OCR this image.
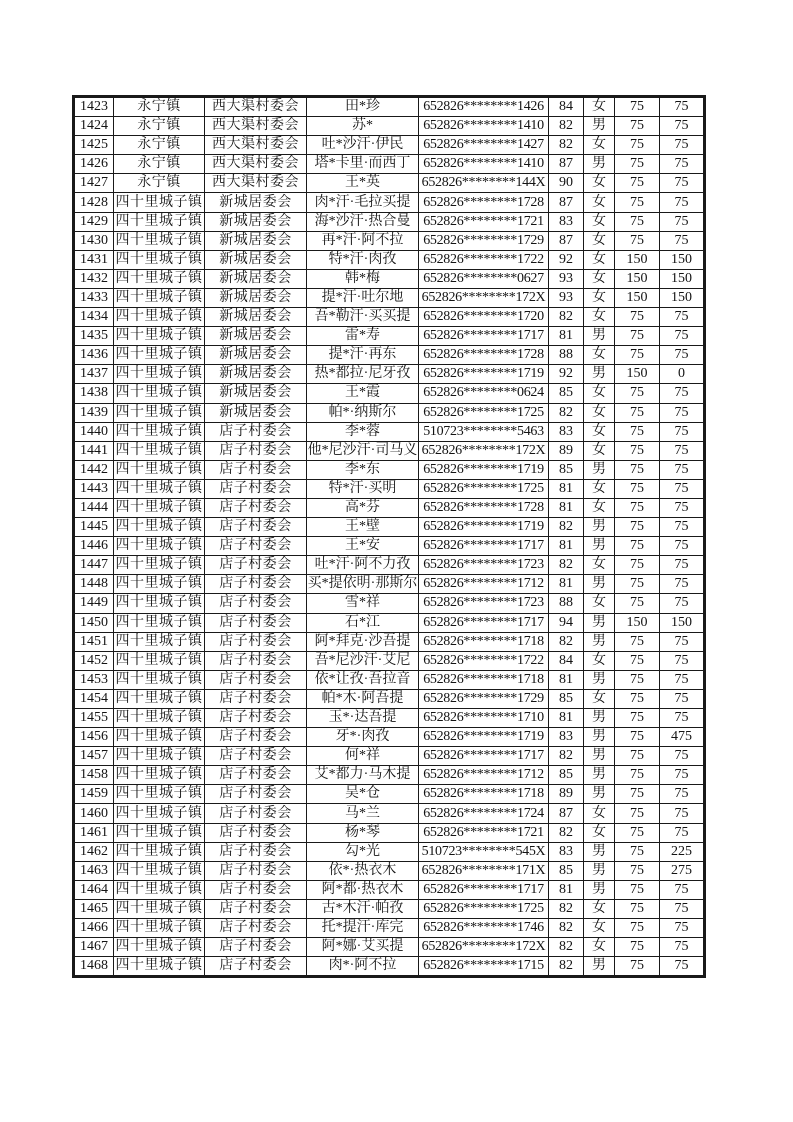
1423	永宁镇	西大渠村委会	田*珍	652826********1426	84	女	75	75
1424	永宁镇	西大渠村委会	苏*	652826********1410	82	男	75	75
1425	永宁镇	西大渠村委会	吐*沙汗·伊民	652826********1427	82	女	75	75
1426	永宁镇	西大渠村委会	塔*卡里·而西丁	652826********1410	87	男	75	75
1427	永宁镇	西大渠村委会	王*英	652826********144X	90	女	75	75
1428	四十里城子镇	新城居委会	肉*汗·毛拉买提	652826********1728	87	女	75	75
1429	四十里城子镇	新城居委会	海*沙汗·热合曼	652826********1721	83	女	75	75
1430	四十里城子镇	新城居委会	再*汗·阿不拉	652826********1729	87	女	75	75
1431	四十里城子镇	新城居委会	特*汗·肉孜	652826********1722	92	女	150	150
1432	四十里城子镇	新城居委会	韩*梅	652826********0627	93	女	150	150
1433	四十里城子镇	新城居委会	提*汗·吐尔地	652826********172X	93	女	150	150
1434	四十里城子镇	新城居委会	吾*勒汗·买买提	652826********1720	82	女	75	75
1435	四十里城子镇	新城居委会	雷*寿	652826********1717	81	男	75	75
1436	四十里城子镇	新城居委会	提*汗·再东	652826********1728	88	女	75	75
1437	四十里城子镇	新城居委会	热*都拉·尼牙孜	652826********1719	92	男	150	0
1438	四十里城子镇	新城居委会	王*霞	652826********0624	85	女	75	75
1439	四十里城子镇	新城居委会	帕*·纳斯尔	652826********1725	82	女	75	75
1440	四十里城子镇	店子村委会	李*蓉	510723********5463	83	女	75	75
1441	四十里城子镇	店子村委会	他*尼沙汗·司马义	652826********172X	89	女	75	75
1442	四十里城子镇	店子村委会	李*东	652826********1719	85	男	75	75
1443	四十里城子镇	店子村委会	特*汗·买明	652826********1725	81	女	75	75
1444	四十里城子镇	店子村委会	高*芬	652826********1728	81	女	75	75
1445	四十里城子镇	店子村委会	王*壁	652826********1719	82	男	75	75
1446	四十里城子镇	店子村委会	王*安	652826********1717	81	男	75	75
1447	四十里城子镇	店子村委会	吐*汗·阿不力孜	652826********1723	82	女	75	75
1448	四十里城子镇	店子村委会	买*提依明·那斯尔	652826********1712	81	男	75	75
1449	四十里城子镇	店子村委会	雪*祥	652826********1723	88	女	75	75
1450	四十里城子镇	店子村委会	石*江	652826********1717	94	男	150	150
1451	四十里城子镇	店子村委会	阿*拜克·沙吾提	652826********1718	82	男	75	75
1452	四十里城子镇	店子村委会	吾*尼沙汗·艾尼	652826********1722	84	女	75	75
1453	四十里城子镇	店子村委会	依*让孜·吾拉音	652826********1718	81	男	75	75
1454	四十里城子镇	店子村委会	帕*木·阿吾提	652826********1729	85	女	75	75
1455	四十里城子镇	店子村委会	玉*·达吾提	652826********1710	81	男	75	75
1456	四十里城子镇	店子村委会	牙*·肉孜	652826********1719	83	男	75	475
1457	四十里城子镇	店子村委会	何*祥	652826********1717	82	男	75	75
1458	四十里城子镇	店子村委会	艾*都力·马木提	652826********1712	85	男	75	75
1459	四十里城子镇	店子村委会	吴*仓	652826********1718	89	男	75	75
1460	四十里城子镇	店子村委会	马*兰	652826********1724	87	女	75	75
1461	四十里城子镇	店子村委会	杨*琴	652826********1721	82	女	75	75
1462	四十里城子镇	店子村委会	勾*光	510723********545X	83	男	75	225
1463	四十里城子镇	店子村委会	依*·热衣木	652826********171X	85	男	75	275
1464	四十里城子镇	店子村委会	阿*都·热衣木	652826********1717	81	男	75	75
1465	四十里城子镇	店子村委会	古*木汗·帕孜	652826********1725	82	女	75	75
1466	四十里城子镇	店子村委会	托*提汗·库完	652826********1746	82	女	75	75
1467	四十里城子镇	店子村委会	阿*娜·艾买提	652826********172X	82	女	75	75
1468	四十里城子镇	店子村委会	肉*·阿不拉	652826********1715	82	男	75	75
